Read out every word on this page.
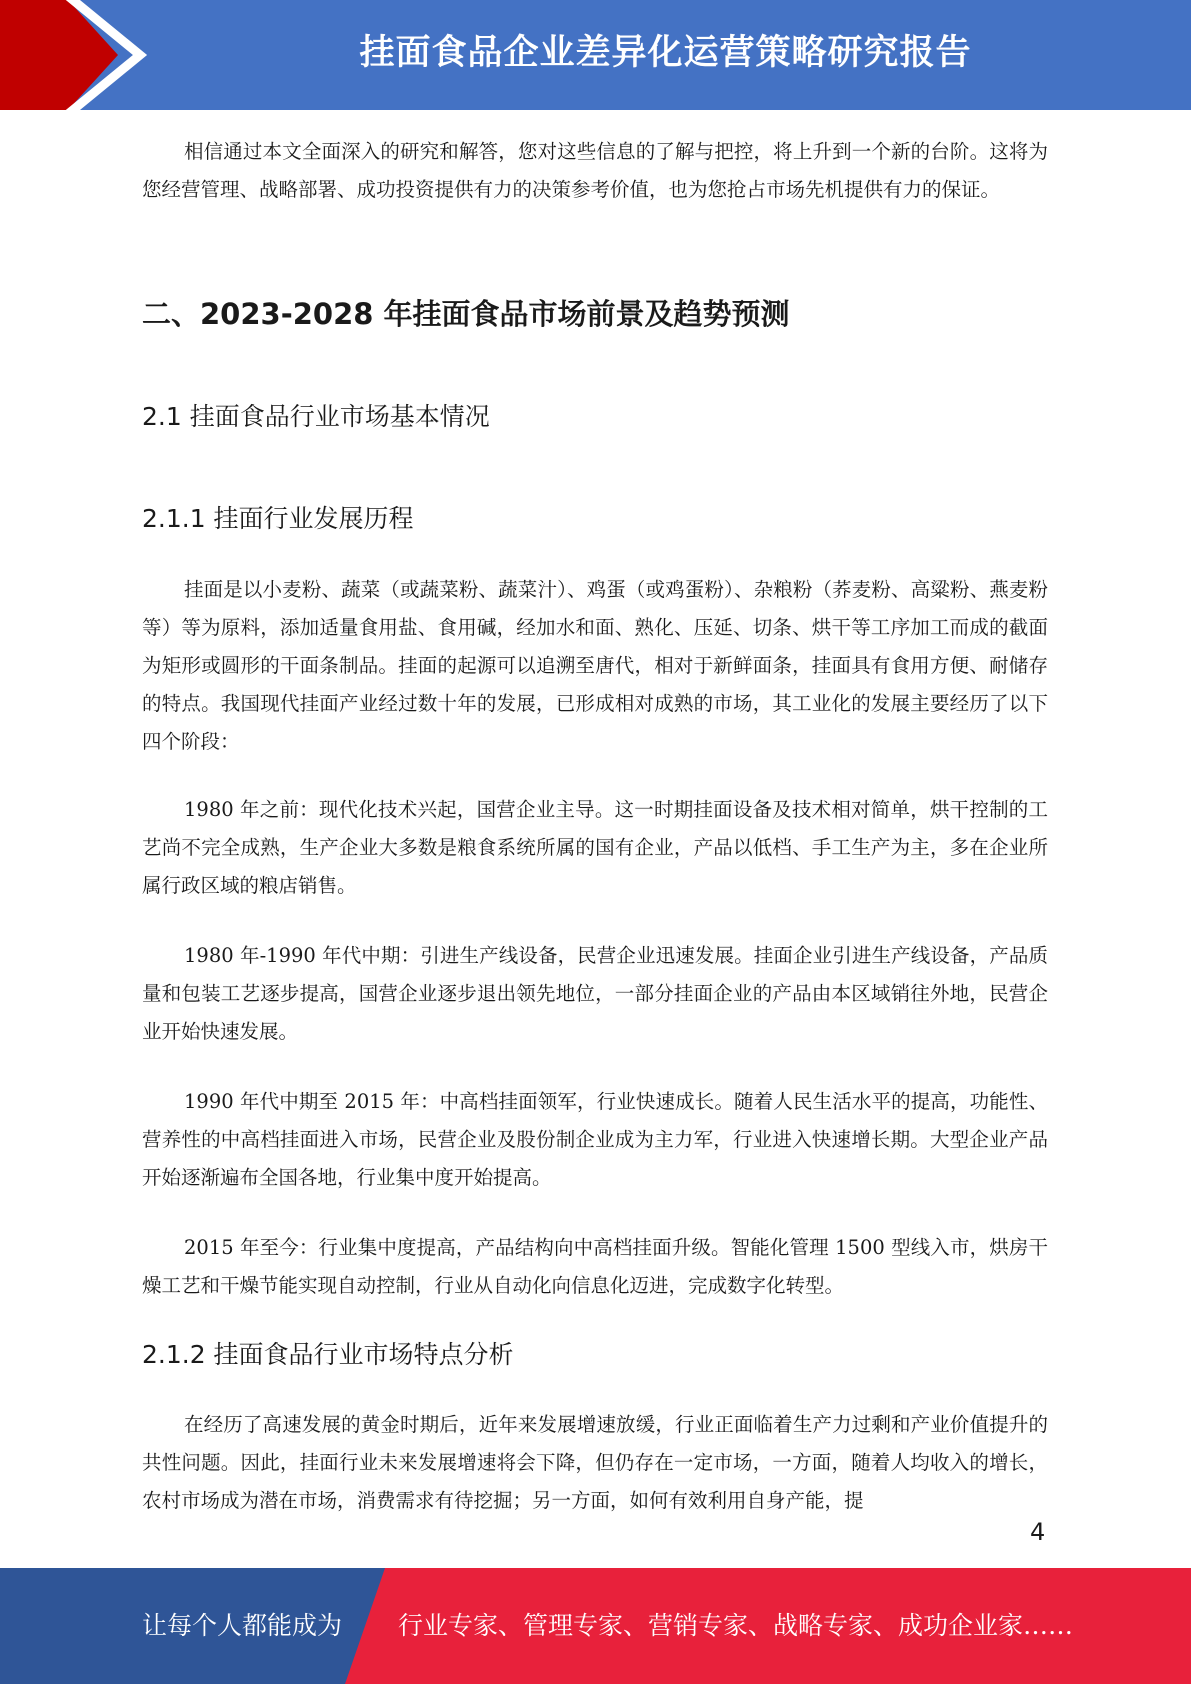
挂面食品企业差异化运营策略研究报告

相信通过本文全面深入的研究和解答，您对这些信息的了解与把控，将上升到一个新的台阶。这将为您经营管理、战略部署、成功投资提供有力的决策参考价值，也为您抢占市场先机提供有力的保证。

二、2023-2028 年挂面食品市场前景及趋势预测
2.1 挂面食品行业市场基本情况
2.1.1 挂面行业发展历程

挂面是以小麦粉、蔬菜（或蔬菜粉、蔬菜汁）、鸡蛋（或鸡蛋粉）、杂粮粉（荞麦粉、高粱粉、燕麦粉等）等为原料，添加适量食用盐、食用碱，经加水和面、熟化、压延、切条、烘干等工序加工而成的截面为矩形或圆形的干面条制品。挂面的起源可以追溯至唐代，相对于新鲜面条，挂面具有食用方便、耐储存的特点。我国现代挂面产业经过数十年的发展，已形成相对成熟的市场，其工业化的发展主要经历了以下四个阶段：

1980 年之前：现代化技术兴起，国营企业主导。这一时期挂面设备及技术相对简单，烘干控制的工艺尚不完全成熟，生产企业大多数是粮食系统所属的国有企业，产品以低档、手工生产为主，多在企业所属行政区域的粮店销售。

1980 年-1990 年代中期：引进生产线设备，民营企业迅速发展。挂面企业引进生产线设备，产品质量和包装工艺逐步提高，国营企业逐步退出领先地位，一部分挂面企业的产品由本区域销往外地，民营企业开始快速发展。

1990 年代中期至 2015 年：中高档挂面领军，行业快速成长。随着人民生活水平的提高，功能性、营养性的中高档挂面进入市场，民营企业及股份制企业成为主力军，行业进入快速增长期。大型企业产品开始逐渐遍布全国各地，行业集中度开始提高。

2015 年至今：行业集中度提高，产品结构向中高档挂面升级。智能化管理 1500 型线入市，烘房干燥工艺和干燥节能实现自动控制，行业从自动化向信息化迈进，完成数字化转型。

2.1.2 挂面食品行业市场特点分析

在经历了高速发展的黄金时期后，近年来发展增速放缓，行业正面临着生产力过剩和产业价值提升的共性问题。因此，挂面行业未来发展增速将会下降，但仍存在一定市场，一方面，随着人均收入的增长，农村市场成为潜在市场，消费需求有待挖掘；另一方面，如何有效利用自身产能，提

4
让每个人都能成为 行业专家、管理专家、营销专家、战略专家、成功企业家……
